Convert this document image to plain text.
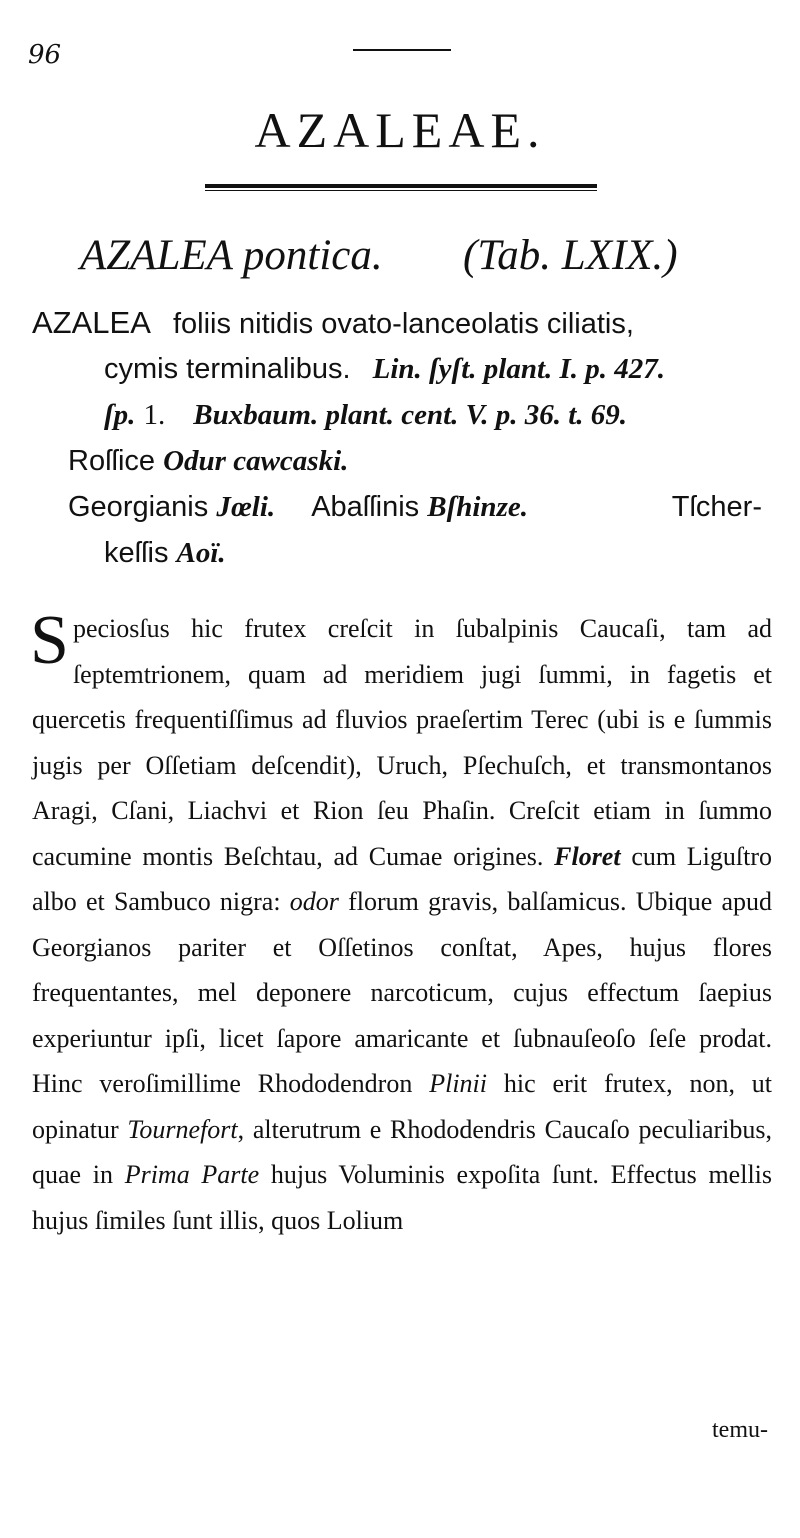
96
AZALEAE.
AZALEA pontica. (Tab. LXIX.)
AZALEA foliis nitidis ovato-lanceolatis ciliatis,
cymis terminalibus. Lin. ſyſt. plant. I. p. 427.
ſp. 1. Buxbaum. plant. cent. V. p. 36. t. 69.
Roſſice Odur cawcaski.
Georgianis Jœli. Abaſſinis Bſhinze.	Tſcher-
keſſis Aoï.
Speciosſus hic frutex creſcit in ſubalpinis Caucaſi, tam ad ſeptemtrionem, quam ad meridiem jugi ſummi, in fagetis et quercetis frequentiſſimus ad fluvios praeſertim Terec (ubi is e ſummis jugis per Oſſetiam deſcendit), Uruch, Pſechuſch, et transmontanos Aragi, Cſani, Liachvi et Rion ſeu Phaſin. Creſcit etiam in ſummo cacumine montis Beſchtau, ad Cumae origines. Floret cum Liguſtro albo et Sambuco nigra: odor florum gravis, balſamicus. Ubique apud Georgianos pariter et Oſſetinos conſtat, Apes, hujus flores frequentantes, mel deponere narcoticum, cujus effectum ſaepius experiuntur ipſi, licet ſapore amaricante et ſubnauſeoſo ſeſe prodat. Hinc veroſimillime Rhododendron Plinii hic erit frutex, non, ut opinatur Tournefort, alterutrum e Rhododendris Caucaſo peculiaribus, quae in Prima Parte hujus Voluminis expoſita ſunt. Effectus mellis hujus ſimiles ſunt illis, quos Lolium
temu-
